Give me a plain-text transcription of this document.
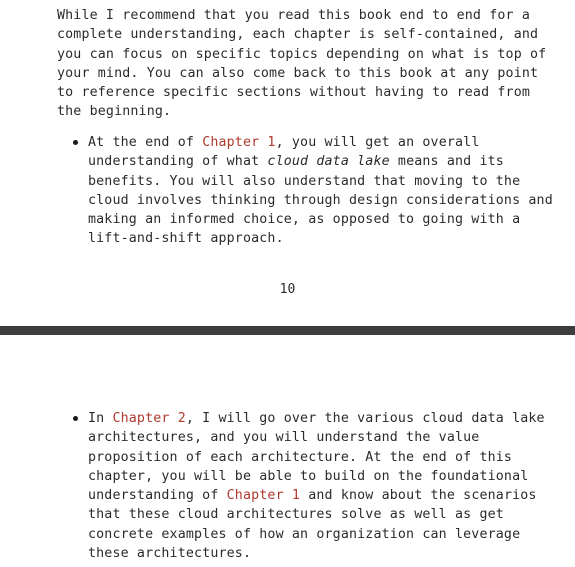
While I recommend that you read this book end to end for a
complete understanding, each chapter is self-contained, and
you can focus on specific topics depending on what is top of
your mind. You can also come back to this book at any point
to reference specific sections without having to read from
the beginning.
At the end of Chapter 1, you will get an overall
understanding of what cloud data lake means and its
benefits. You will also understand that moving to the
cloud involves thinking through design considerations and
making an informed choice, as opposed to going with a
lift-and-shift approach.
10
In Chapter 2, I will go over the various cloud data lake
architectures, and you will understand the value
proposition of each architecture. At the end of this
chapter, you will be able to build on the foundational
understanding of Chapter 1 and know about the scenarios
that these cloud architectures solve as well as get
concrete examples of how an organization can leverage
these architectures.
